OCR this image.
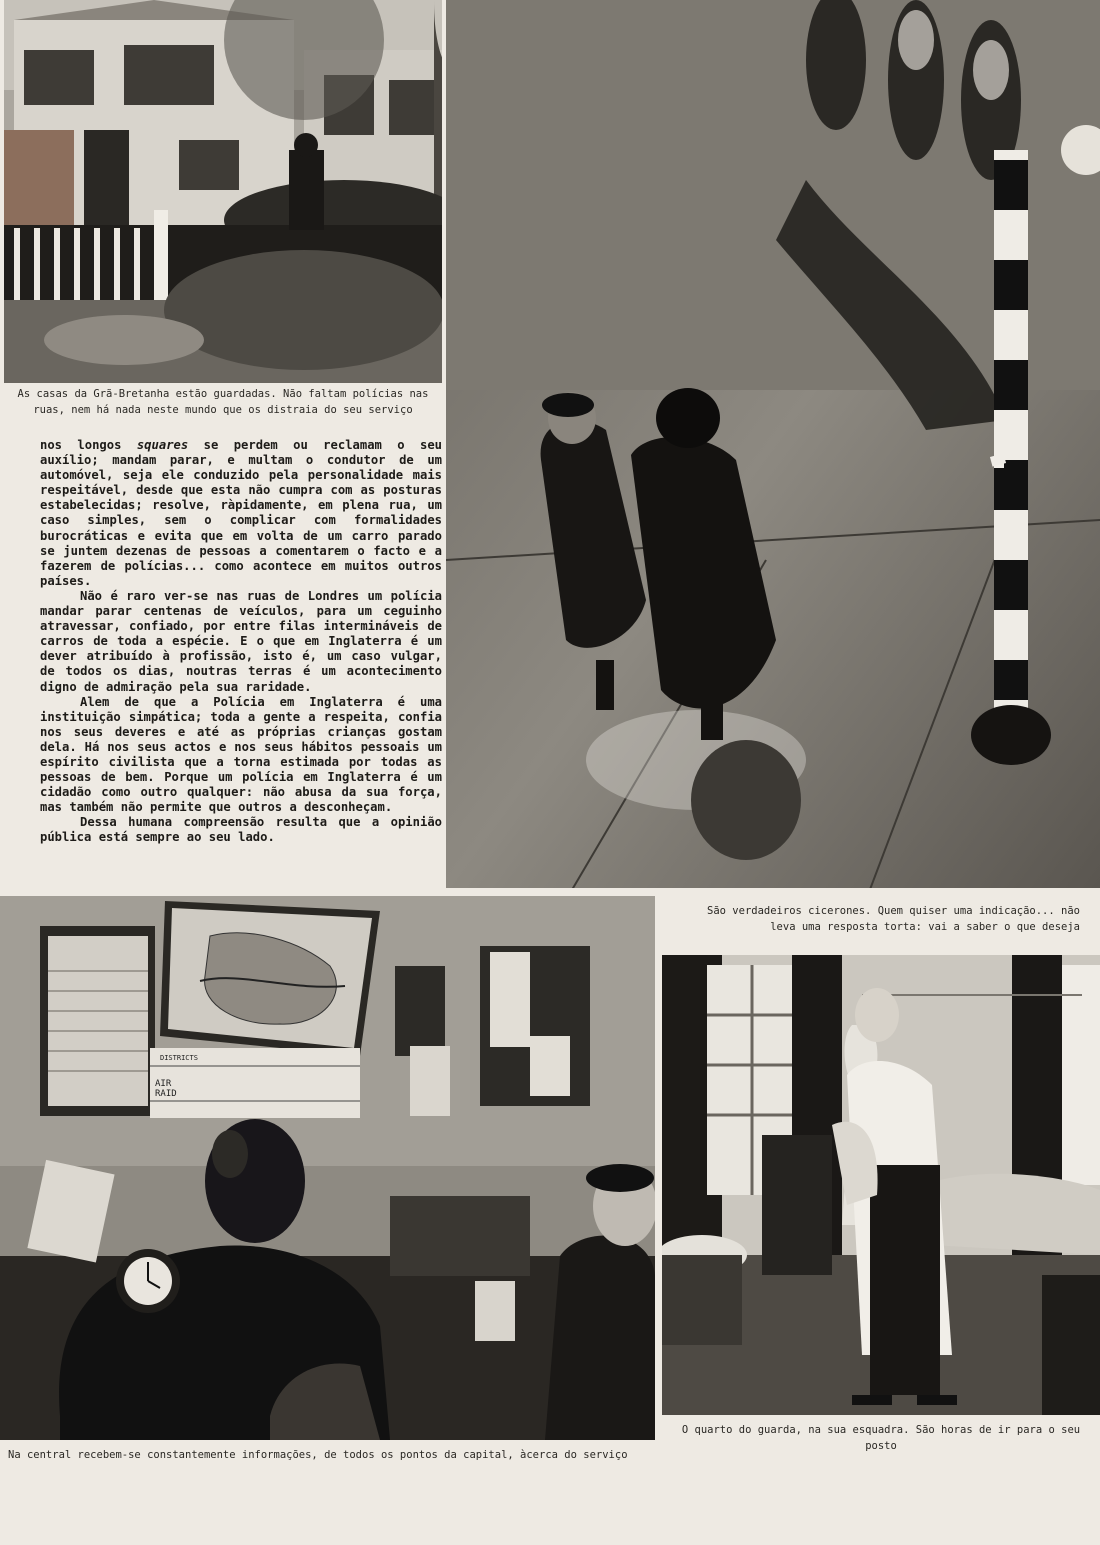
As casas da Grã-Bretanha estão guardadas. Não faltam polícias nas
ruas, nem há nada neste mundo que os distraia do seu serviço
São verdadeiros cicerones. Quem quiser uma indicação... não
leva uma resposta torta: vai a saber o que deseja

nos longos squares se perdem ou reclamam o seu auxílio; mandam parar, e multam o condutor de um automóvel, seja ele conduzido pela personalidade mais respeitável, desde que esta não cumpra com as posturas estabelecidas; resolve, ràpidamente, em plena rua, um caso simples, sem o complicar com formalidades burocráticas e evita que em volta de um carro parado se juntem dezenas de pessoas a comentarem o facto e a fazerem de polícias... como acontece em muitos outros países.

Não é raro ver-se nas ruas de Londres um polícia mandar parar centenas de veículos, para um ceguinho atravessar, confiado, por entre filas intermináveis de carros de toda a espécie. E o que em Inglaterra é um dever atribuído à profissão, isto é, um caso vulgar, de todos os dias, noutras terras é um acontecimento digno de admiração pela sua raridade.

Alem de que a Polícia em Inglaterra é uma instituição simpática; toda a gente a respeita, confia nos seus deveres e até as próprias crianças gostam dela. Há nos seus actos e nos seus hábitos pessoais um espírito civilista que a torna estimada por todas as pessoas de bem. Porque um polícia em Inglaterra é um cidadão como outro qualquer: não abusa da sua força, mas também não permite que outros a desconheçam.

Dessa humana compreensão resulta que a opinião pública está sempre ao seu lado.

AIR
RAID
DISTRICTS
Na central recebem-se constantemente informações, de todos os pontos da capital, àcerca do serviço
O quarto do guarda, na sua esquadra. São horas de ir para o seu
posto
